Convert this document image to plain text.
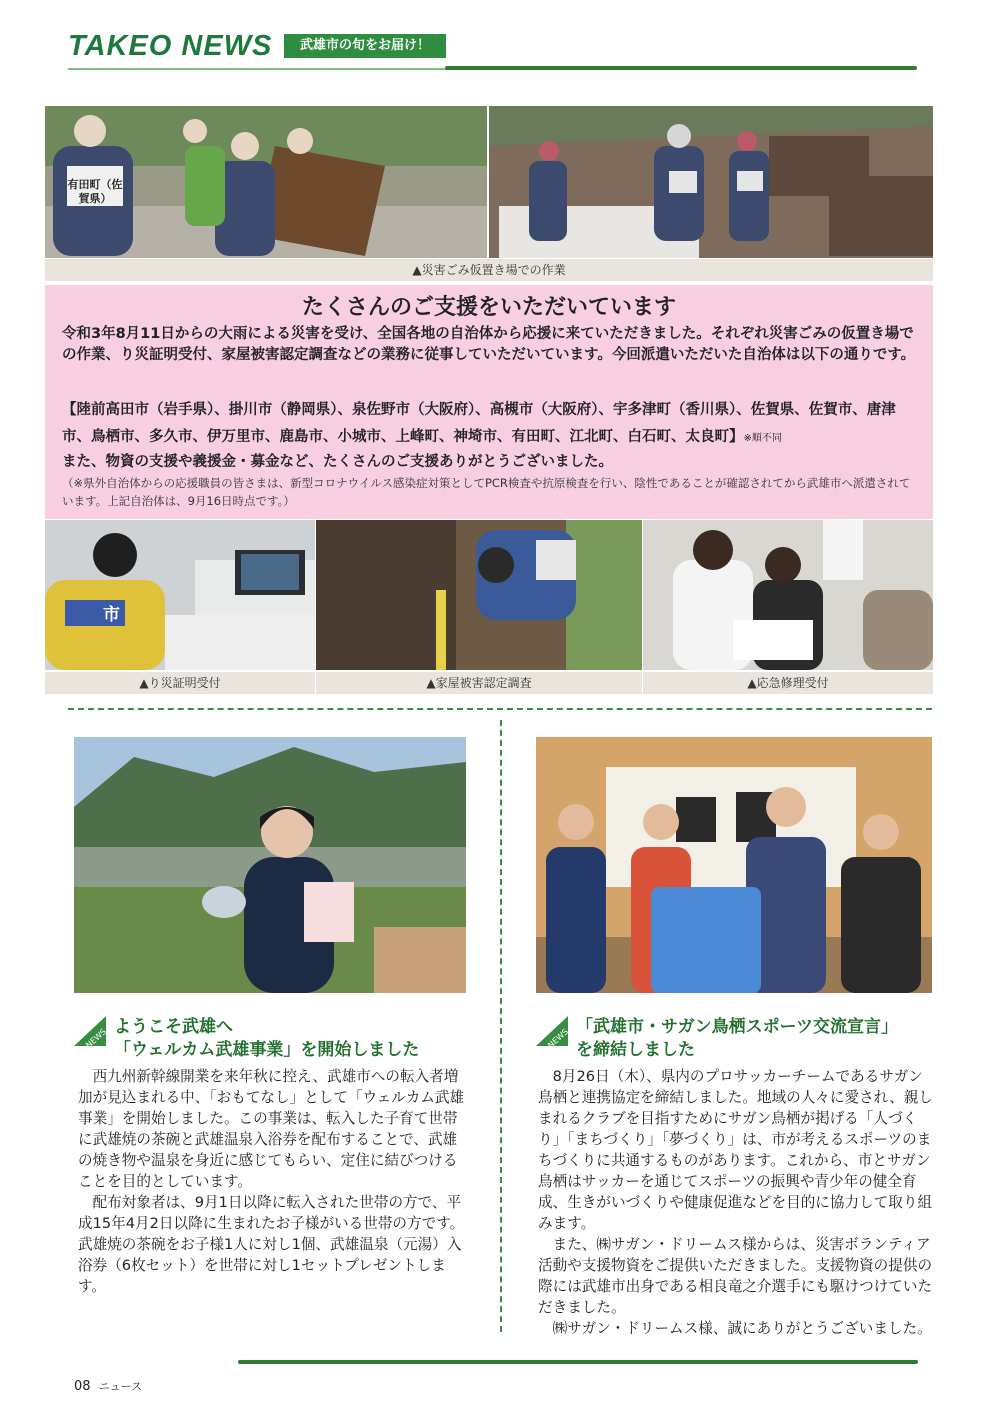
TAKEO NEWS	武雄市の旬をお届け！
有田町（佐賀県）
▲災害ごみ仮置き場での作業
たくさんのご支援をいただいています
令和3年8月11日からの大雨による災害を受け、全国各地の自治体から応援に来ていただきました。それぞれ災害ごみの仮置き場での作業、り災証明受付、家屋被害認定調査などの業務に従事していただいています。今回派遣いただいた自治体は以下の通りです。
【陸前高田市（岩手県）、掛川市（静岡県）、泉佐野市（大阪府）、高槻市（大阪府）、宇多津町（香川県）、佐賀県、佐賀市、唐津市、鳥栖市、多久市、伊万里市、鹿島市、小城市、上峰町、神埼市、有田町、江北町、白石町、太良町】※順不同
また、物資の支援や義援金・募金など、たくさんのご支援ありがとうございました。
（※県外自治体からの応援職員の皆さまは、新型コロナウイルス感染症対策としてPCR検査や抗原検査を行い、陰性であることが確認されてから武雄市へ派遣されています。上記自治体は、9月16日時点です。）
市
▲り災証明受付	▲家屋被害認定調査	▲応急修理受付
NEWS
ようこそ武雄へ
「ウェルカム武雄事業」を開始しました

西九州新幹線開業を来年秋に控え、武雄市への転入者増加が見込まれる中、「おもてなし」として「ウェルカム武雄事業」を開始しました。この事業は、転入した子育て世帯に武雄焼の茶碗と武雄温泉入浴券を配布することで、武雄の焼き物や温泉を身近に感じてもらい、定住に結びつけることを目的としています。

配布対象者は、9月1日以降に転入された世帯の方で、平成15年4月2日以降に生まれたお子様がいる世帯の方です。武雄焼の茶碗をお子様1人に対し1個、武雄温泉（元湯）入浴券（6枚セット）を世帯に対し1セットプレゼントします。

NEWS
「武雄市・サガン鳥栖スポーツ交流宣言」
を締結しました

8月26日（木）、県内のプロサッカーチームであるサガン鳥栖と連携協定を締結しました。地域の人々に愛され、親しまれるクラブを目指すためにサガン鳥栖が掲げる「人づくり」「まちづくり」「夢づくり」は、市が考えるスポーツのまちづくりに共通するものがあります。これから、市とサガン鳥栖はサッカーを通じてスポーツの振興や青少年の健全育成、生きがいづくりや健康促進などを目的に協力して取り組みます。

また、㈱サガン・ドリームス様からは、災害ボランティア活動や支援物資をご提供いただきました。支援物資の提供の際には武雄市出身である相良竜之介選手にも駆けつけていただきました。

㈱サガン・ドリームス様、誠にありがとうございました。

08 ニュース
